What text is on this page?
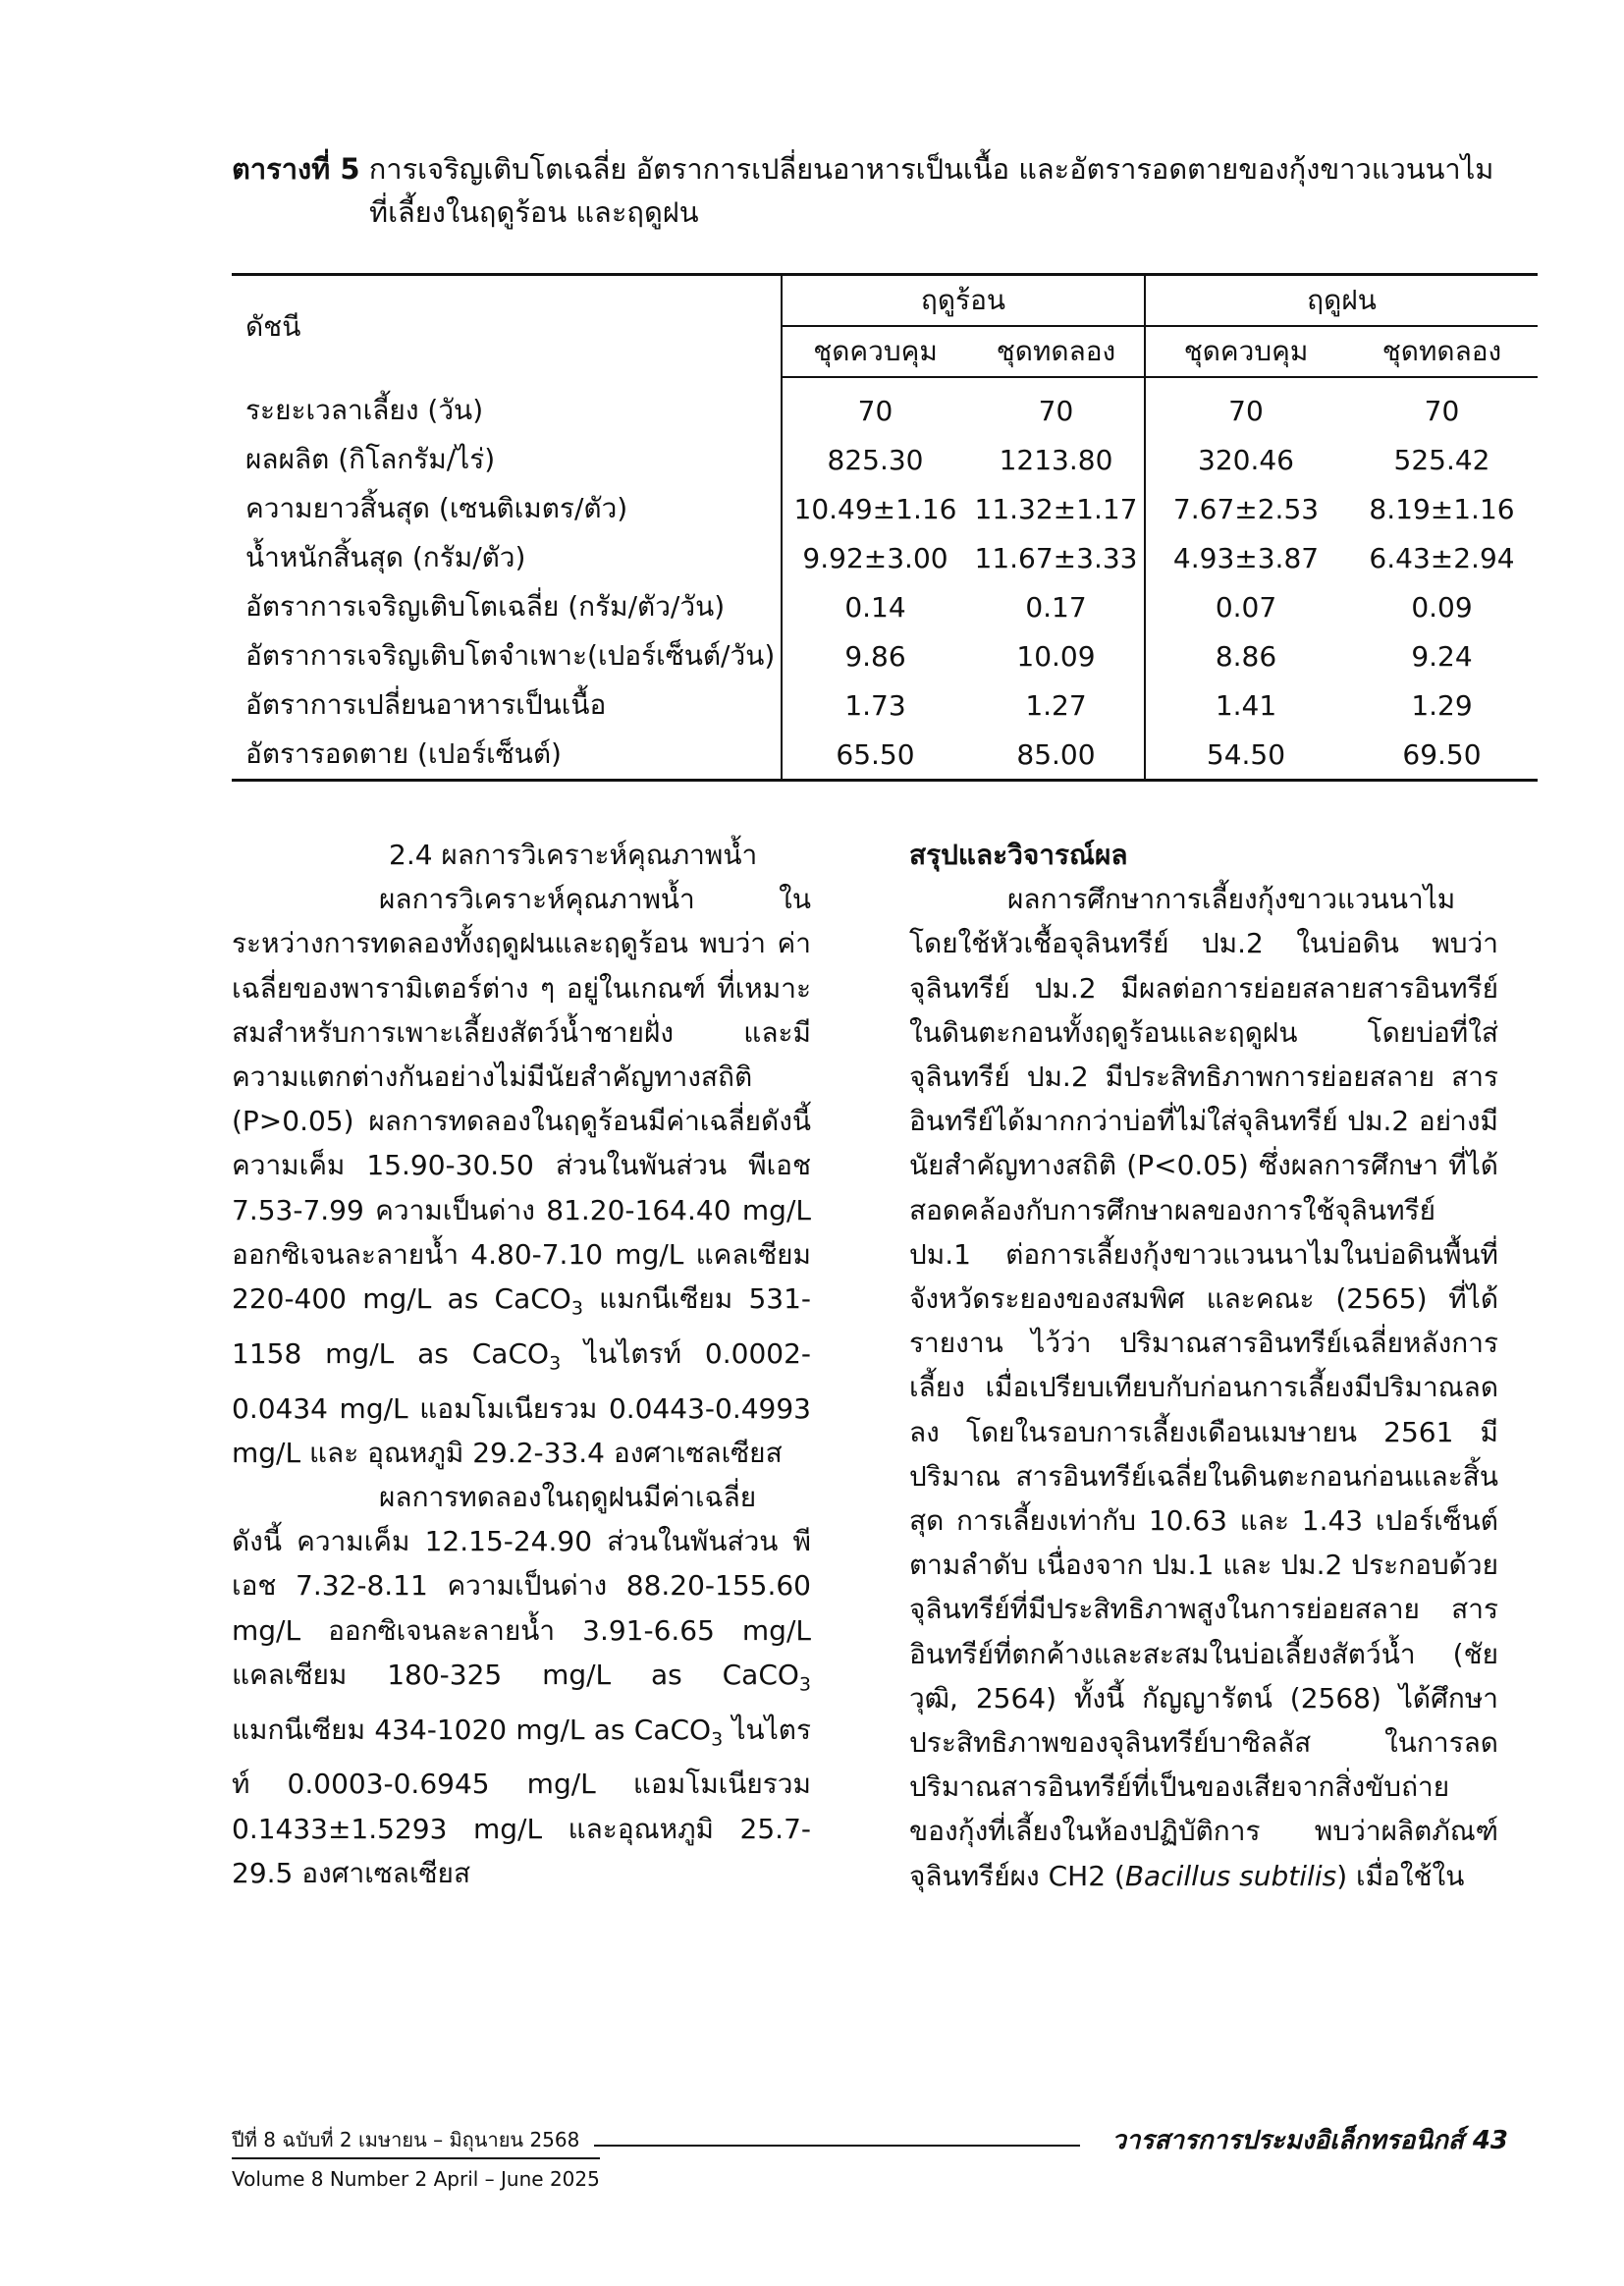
ตารางที่ 5 การเจริญเติบโตเฉลี่ย อัตราการเปลี่ยนอาหารเป็นเนื้อ และอัตรารอดตายของกุ้งขาวแวนนาไม
ที่เลี้ยงในฤดูร้อน และฤดูฝน
ดัชนี	ฤดูร้อน		ฤดูฝน	
	ชุดควบคุม	ชุดทดลอง	ชุดควบคุม	ชุดทดลอง
ระยะเวลาเลี้ยง (วัน)	70	70	70	70
ผลผลิต (กิโลกรัม/ไร่)	825.30	1213.80	320.46	525.42
ความยาวสิ้นสุด (เซนติเมตร/ตัว)	10.49±1.16	11.32±1.17	7.67±2.53	8.19±1.16
น้ำหนักสิ้นสุด (กรัม/ตัว)	9.92±3.00	11.67±3.33	4.93±3.87	6.43±2.94
อัตราการเจริญเติบโตเฉลี่ย (กรัม/ตัว/วัน)	0.14	0.17	0.07	0.09
อัตราการเจริญเติบโตจำเพาะ(เปอร์เซ็นต์/วัน)	9.86	10.09	8.86	9.24
อัตราการเปลี่ยนอาหารเป็นเนื้อ	1.73	1.27	1.41	1.29
อัตรารอดตาย (เปอร์เซ็นต์)	65.50	85.00	54.50	69.50

2.4 ผลการวิเคราะห์คุณภาพน้ำ

ผลการวิเคราะห์คุณภาพน้ำ ในระหว่างการทดลองทั้งฤดูฝนและฤดูร้อน พบว่า ค่าเฉลี่ยของพารามิเตอร์ต่าง ๆ อยู่ในเกณฑ์ ที่เหมาะสมสำหรับการเพาะเลี้ยงสัตว์น้ำชายฝั่ง และมีความแตกต่างกันอย่างไม่มีนัยสำคัญทางสถิติ (P>0.05) ผลการทดลองในฤดูร้อนมีค่าเฉลี่ยดังนี้ ความเค็ม 15.90-30.50 ส่วนในพันส่วน พีเอช 7.53-7.99 ความเป็นด่าง 81.20-164.40 mg/L ออกซิเจนละลายน้ำ 4.80-7.10 mg/L แคลเซียม 220-400 mg/L as CaCO$_3$ แมกนีเซียม 531-1158 mg/L as CaCO$_3$ ไนไตรท์ 0.0002-0.0434 mg/L แอมโมเนียรวม 0.0443-0.4993 mg/L และ อุณหภูมิ 29.2-33.4 องศาเซลเซียส

ผลการทดลองในฤดูฝนมีค่าเฉลี่ย ดังนี้ ความเค็ม 12.15-24.90 ส่วนในพันส่วน พีเอช 7.32-8.11 ความเป็นด่าง 88.20-155.60 mg/L ออกซิเจนละลายน้ำ 3.91-6.65 mg/L แคลเซียม 180-325 mg/L as CaCO$_3$ แมกนีเซียม 434-1020 mg/L as CaCO$_3$ ไนไตรท์ 0.0003-0.6945 mg/L แอมโมเนียรวม 0.1433±1.5293 mg/L และอุณหภูมิ 25.7-29.5 องศาเซลเซียส

สรุปและวิจารณ์ผล

ผลการศึกษาการเลี้ยงกุ้งขาวแวนนาไม โดยใช้หัวเชื้อจุลินทรีย์ ปม.2 ในบ่อดิน พบว่า จุลินทรีย์ ปม.2 มีผลต่อการย่อยสลายสารอินทรีย์ ในดินตะกอนทั้งฤดูร้อนและฤดูฝน โดยบ่อที่ใส่ จุลินทรีย์ ปม.2 มีประสิทธิภาพการย่อยสลาย สารอินทรีย์ได้มากกว่าบ่อที่ไม่ใส่จุลินทรีย์ ปม.2 อย่างมีนัยสำคัญทางสถิติ (P<0.05) ซึ่งผลการศึกษา ที่ได้สอดคล้องกับการศึกษาผลของการใช้จุลินทรีย์ ปม.1 ต่อการเลี้ยงกุ้งขาวแวนนาไมในบ่อดินพื้นที่ จังหวัดระยองของสมพิศ และคณะ (2565) ที่ได้รายงาน ไว้ว่า ปริมาณสารอินทรีย์เฉลี่ยหลังการเลี้ยง เมื่อเปรียบเทียบกับก่อนการเลี้ยงมีปริมาณลดลง โดยในรอบการเลี้ยงเดือนเมษายน 2561 มีปริมาณ สารอินทรีย์เฉลี่ยในดินตะกอนก่อนและสิ้นสุด การเลี้ยงเท่ากับ 10.63 และ 1.43 เปอร์เซ็นต์ ตามลำดับ เนื่องจาก ปม.1 และ ปม.2 ประกอบด้วย จุลินทรีย์ที่มีประสิทธิภาพสูงในการย่อยสลาย สารอินทรีย์ที่ตกค้างและสะสมในบ่อเลี้ยงสัตว์น้ำ (ชัยวุฒิ, 2564) ทั้งนี้ กัญญารัตน์ (2568) ได้ศึกษา ประสิทธิภาพของจุลินทรีย์บาซิลลัส ในการลด ปริมาณสารอินทรีย์ที่เป็นของเสียจากสิ่งขับถ่าย ของกุ้งที่เลี้ยงในห้องปฏิบัติการ พบว่าผลิตภัณฑ์ จุลินทรีย์ผง CH2 (Bacillus subtilis) เมื่อใช้ใน

ปีที่ 8 ฉบับที่ 2 เมษายน – มิถุนายน 2568
Volume 8 Number 2 April – June 2025
วารสารการประมงอิเล็กทรอนิกส์ 43
